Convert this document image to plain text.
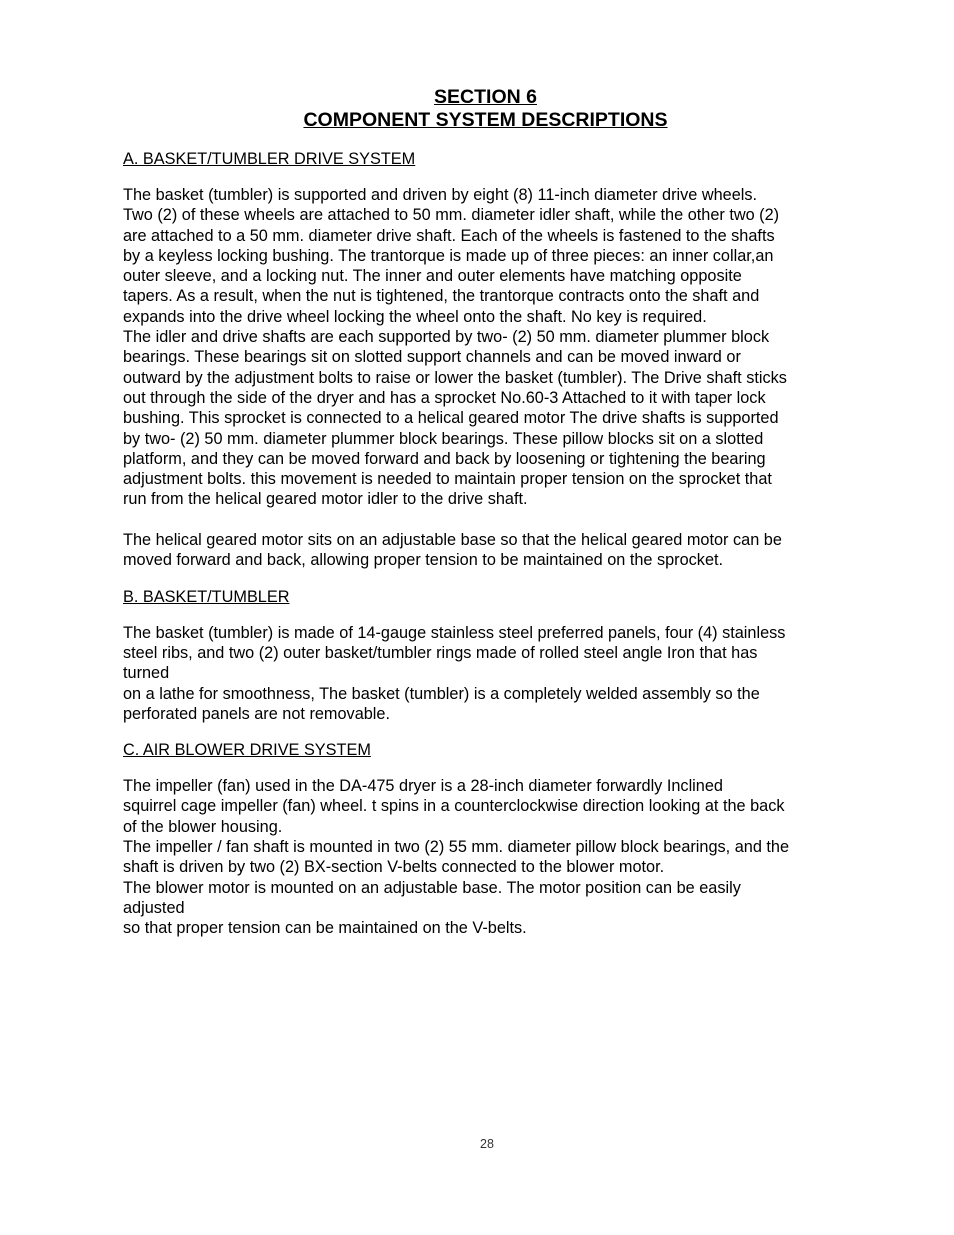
SECTION 6
COMPONENT SYSTEM DESCRIPTIONS

A. BASKET/TUMBLER DRIVE SYSTEM

The basket (tumbler) is supported and driven by eight (8) 11-inch diameter drive wheels.
Two (2) of these wheels are attached to 50 mm. diameter idler shaft, while the other two (2)
are attached to a 50 mm. diameter drive shaft. Each of the wheels is fastened to the shafts
by a keyless locking bushing. The trantorque is made up of three pieces: an inner collar,an
outer sleeve, and a locking nut. The inner and outer elements have matching opposite
tapers. As a result, when the nut is tightened, the trantorque contracts onto the shaft and
expands into the drive wheel locking the wheel onto the shaft. No key is required.
The idler and drive shafts are each supported by two- (2) 50 mm. diameter plummer block
bearings. These bearings sit on slotted support channels and can be moved inward or
outward by the adjustment bolts to raise or lower the basket (tumbler). The Drive shaft sticks
out through the side of the dryer and has a sprocket No.60-3 Attached to it with taper lock
bushing. This sprocket is connected to a helical geared motor The drive shafts is supported
by two- (2) 50 mm. diameter plummer block bearings. These pillow blocks sit on a slotted
platform, and they can be moved forward and back by loosening or tightening the bearing
adjustment bolts. this movement is needed to maintain proper tension on the sprocket that
run from the helical geared motor idler to the drive shaft.
The helical geared motor sits on an adjustable base so that the helical geared motor can be
moved forward and back, allowing proper tension to be maintained on the sprocket.

B. BASKET/TUMBLER

The basket (tumbler) is made of 14-gauge stainless steel preferred panels, four (4) stainless
steel ribs, and two (2) outer basket/tumbler rings made of rolled steel angle Iron that has
turned
on a lathe for smoothness, The basket (tumbler) is a completely welded assembly so the
perforated panels are not removable.

C. AIR BLOWER DRIVE SYSTEM

The impeller (fan) used in the DA-475 dryer is a 28-inch diameter forwardly Inclined
squirrel cage impeller (fan) wheel. t spins in a counterclockwise direction looking at the back
of the blower housing.
The impeller / fan shaft is mounted in two (2) 55 mm. diameter pillow block bearings, and the
shaft is driven by two (2) BX-section V-belts connected to the blower motor.
The blower motor is mounted on an adjustable base. The motor position can be easily
adjusted
so that proper tension can be maintained on the V-belts.
28
